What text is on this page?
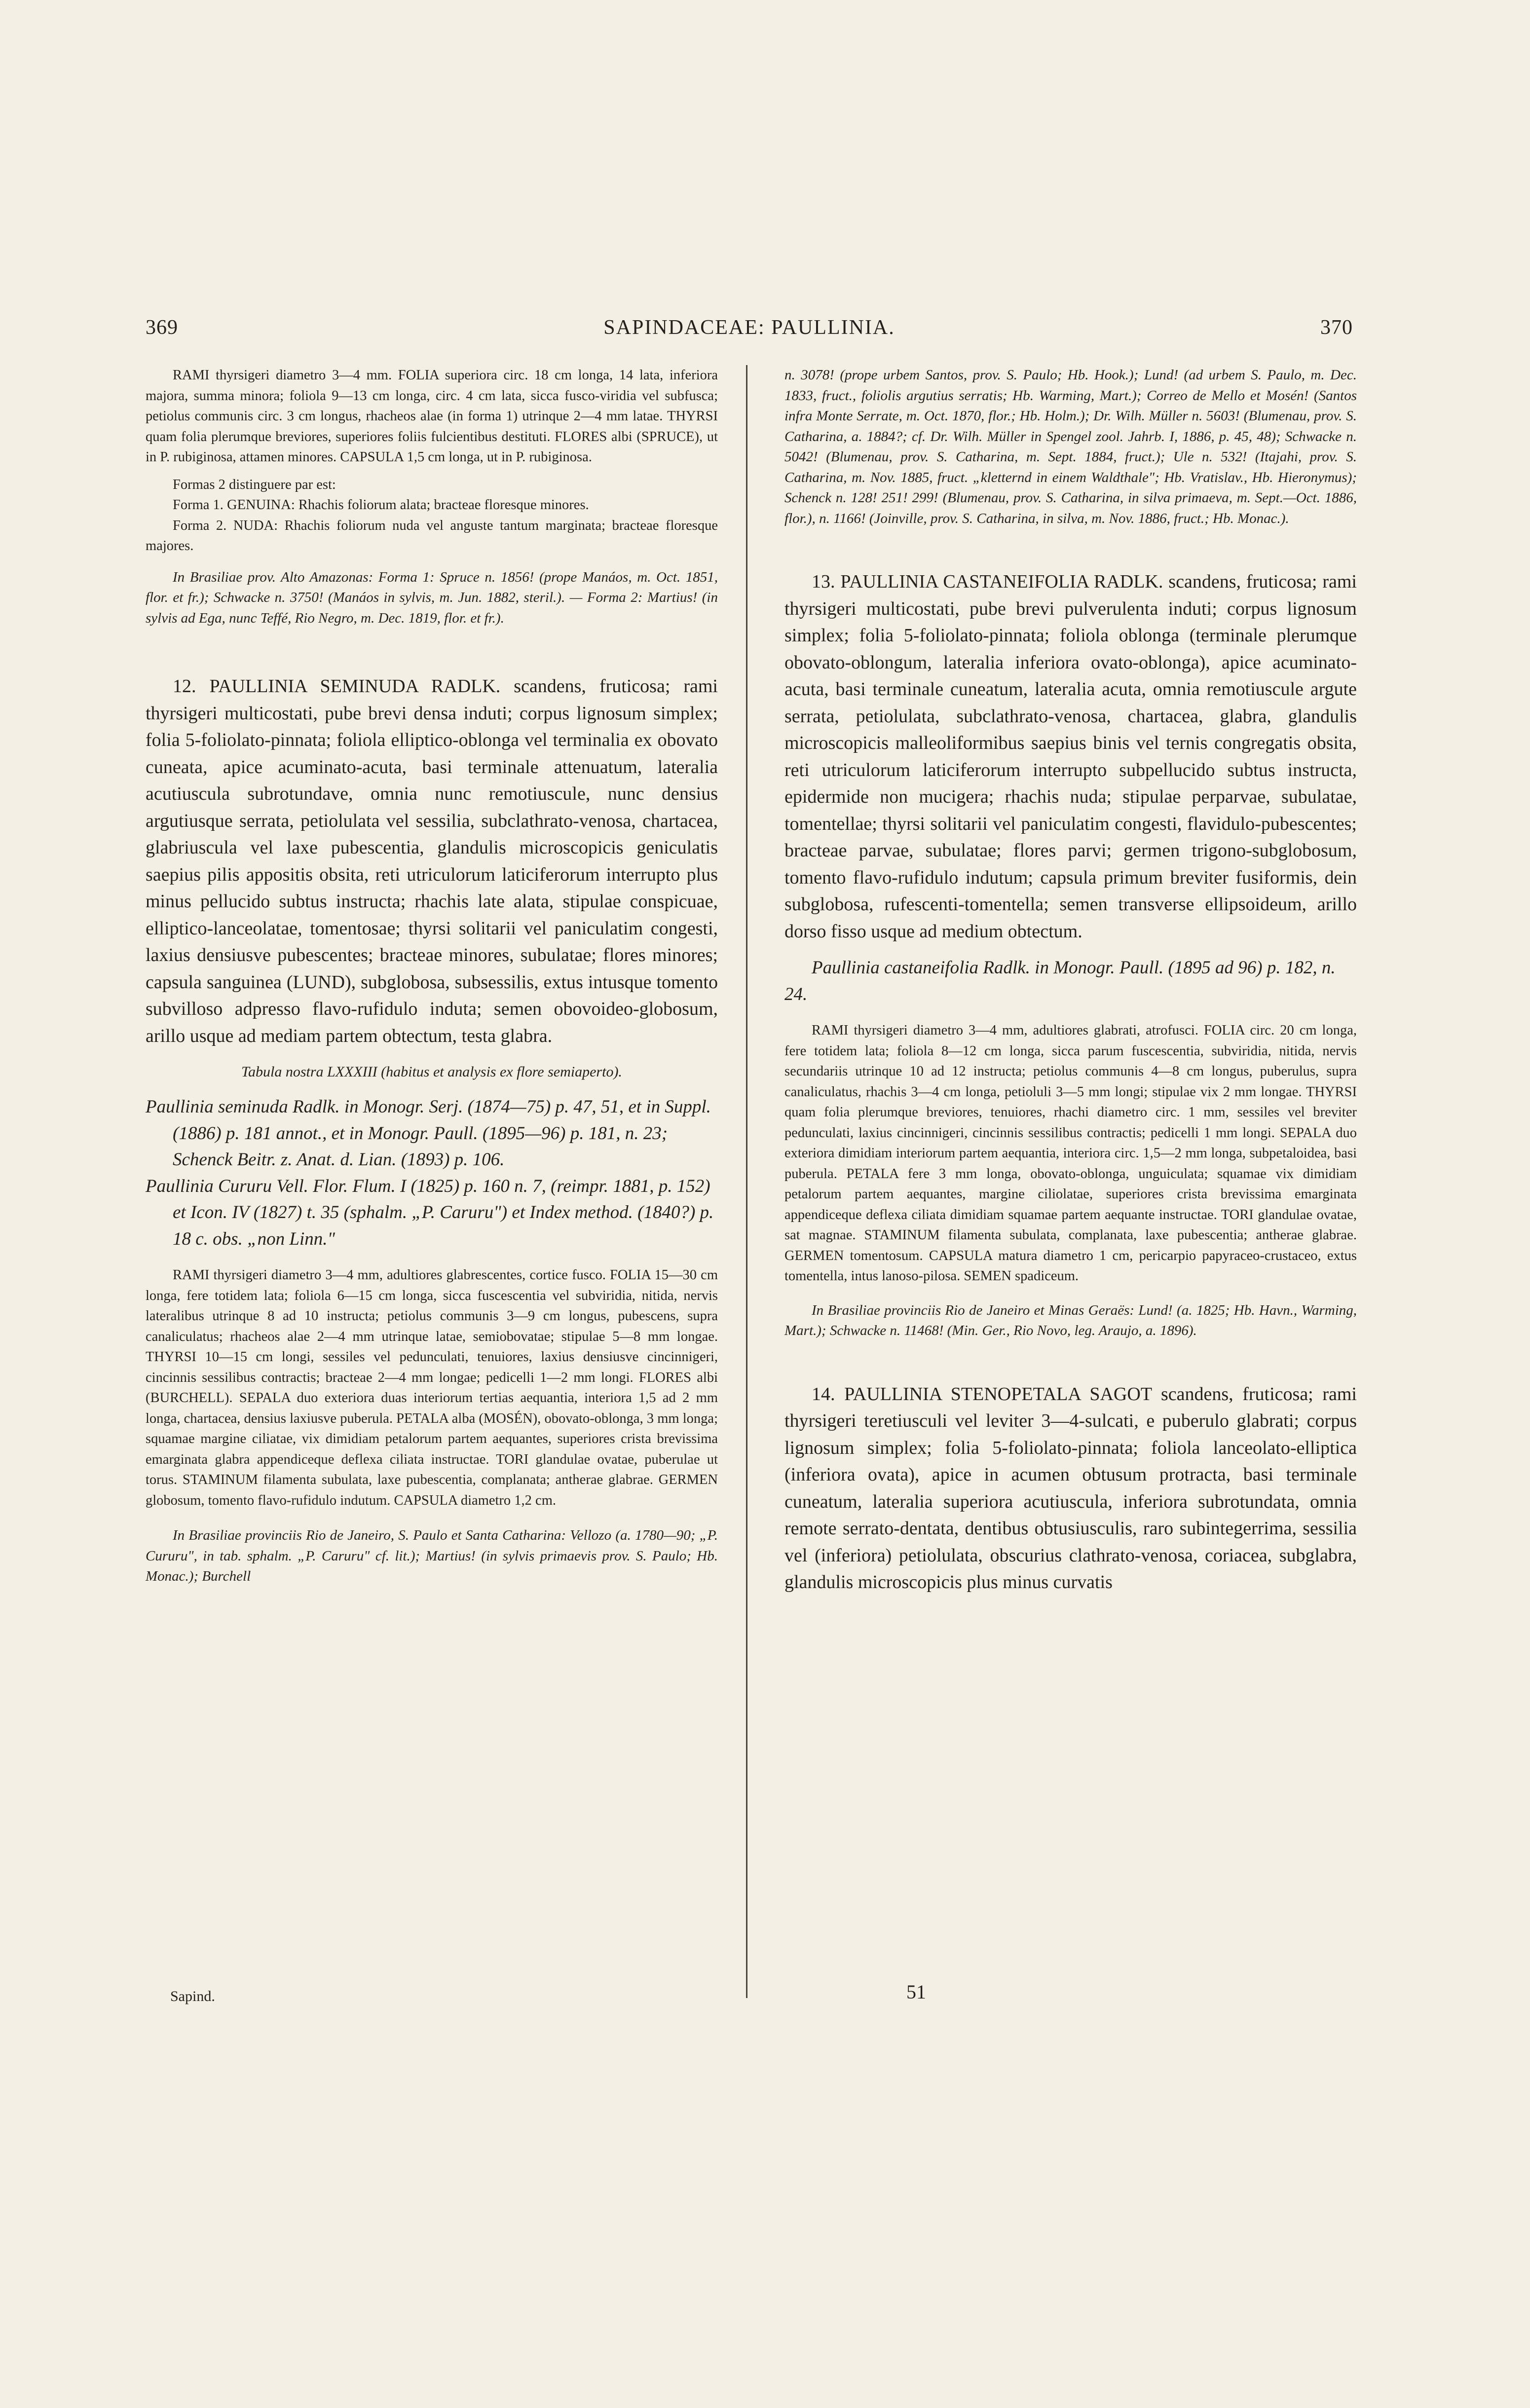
369	SAPINDACEAE: PAULLINIA.	370

RAMI thyrsigeri diametro 3—4 mm. FOLIA superiora circ. 18 cm longa, 14 lata, inferiora majora, summa minora; foliola 9—13 cm longa, circ. 4 cm lata, sicca fusco-viridia vel subfusca; petiolus communis circ. 3 cm longus, rhacheos alae (in forma 1) utrinque 2—4 mm latae. THYRSI quam folia plerumque breviores, superiores foliis fulcientibus destituti. FLORES albi (SPRUCE), ut in P. rubiginosa, attamen minores. CAPSULA 1,5 cm longa, ut in P. rubiginosa.

Formas 2 distinguere par est:

Forma 1. GENUINA: Rhachis foliorum alata; bracteae floresque minores.

Forma 2. NUDA: Rhachis foliorum nuda vel anguste tantum marginata; bracteae floresque majores.

In Brasiliae prov. Alto Amazonas: Forma 1: Spruce n. 1856! (prope Manáos, m. Oct. 1851, flor. et fr.); Schwacke n. 3750! (Manáos in sylvis, m. Jun. 1882, steril.). — Forma 2: Martius! (in sylvis ad Ega, nunc Teffé, Rio Negro, m. Dec. 1819, flor. et fr.).

12. PAULLINIA SEMINUDA RADLK. scandens, fruticosa; rami thyrsigeri multicostati, pube brevi densa induti; corpus lignosum simplex; folia 5-foliolato-pinnata; foliola elliptico-oblonga vel terminalia ex obovato cuneata, apice acuminato-acuta, basi terminale attenuatum, lateralia acutiuscula subrotundave, omnia nunc remotiuscule, nunc densius argutiusque serrata, petiolulata vel sessilia, subclathrato-venosa, chartacea, glabriuscula vel laxe pubescentia, glandulis microscopicis geniculatis saepius pilis appositis obsita, reti utriculorum laticiferorum interrupto plus minus pellucido subtus instructa; rhachis late alata, stipulae conspicuae, elliptico-lanceolatae, tomentosae; thyrsi solitarii vel paniculatim congesti, laxius densiusve pubescentes; bracteae minores, subulatae; flores minores; capsula sanguinea (LUND), subglobosa, subsessilis, extus intusque tomento subvilloso adpresso flavo-rufidulo induta; semen obovoideo-globosum, arillo usque ad mediam partem obtectum, testa glabra.

Tabula nostra LXXXIII (habitus et analysis ex flore semiaperto).

Paullinia seminuda Radlk. in Monogr. Serj. (1874—75) p. 47, 51, et in Suppl. (1886) p. 181 annot., et in Monogr. Paull. (1895—96) p. 181, n. 23; Schenck Beitr. z. Anat. d. Lian. (1893) p. 106.

Paullinia Cururu Vell. Flor. Flum. I (1825) p. 160 n. 7, (reimpr. 1881, p. 152) et Icon. IV (1827) t. 35 (sphalm. „P. Caruru") et Index method. (1840?) p. 18 c. obs. „non Linn."

RAMI thyrsigeri diametro 3—4 mm, adultiores glabrescentes, cortice fusco. FOLIA 15—30 cm longa, fere totidem lata; foliola 6—15 cm longa, sicca fuscescentia vel subviridia, nitida, nervis lateralibus utrinque 8 ad 10 instructa; petiolus communis 3—9 cm longus, pubescens, supra canaliculatus; rhacheos alae 2—4 mm utrinque latae, semiobovatae; stipulae 5—8 mm longae. THYRSI 10—15 cm longi, sessiles vel pedunculati, tenuiores, laxius densiusve cincinnigeri, cincinnis sessilibus contractis; bracteae 2—4 mm longae; pedicelli 1—2 mm longi. FLORES albi (BURCHELL). SEPALA duo exteriora duas interiorum tertias aequantia, interiora 1,5 ad 2 mm longa, chartacea, densius laxiusve puberula. PETALA alba (MOSÉN), obovato-oblonga, 3 mm longa; squamae margine ciliatae, vix dimidiam petalorum partem aequantes, superiores crista brevissima emarginata glabra appendiceque deflexa ciliata instructae. TORI glandulae ovatae, puberulae ut torus. STAMINUM filamenta subulata, laxe pubescentia, complanata; antherae glabrae. GERMEN globosum, tomento flavo-rufidulo indutum. CAPSULA diametro 1,2 cm.

In Brasiliae provinciis Rio de Janeiro, S. Paulo et Santa Catharina: Vellozo (a. 1780—90; „P. Cururu", in tab. sphalm. „P. Caruru" cf. lit.); Martius! (in sylvis primaevis prov. S. Paulo; Hb. Monac.); Burchell

n. 3078! (prope urbem Santos, prov. S. Paulo; Hb. Hook.); Lund! (ad urbem S. Paulo, m. Dec. 1833, fruct., foliolis argutius serratis; Hb. Warming, Mart.); Correo de Mello et Mosén! (Santos infra Monte Serrate, m. Oct. 1870, flor.; Hb. Holm.); Dr. Wilh. Müller n. 5603! (Blumenau, prov. S. Catharina, a. 1884?; cf. Dr. Wilh. Müller in Spengel zool. Jahrb. I, 1886, p. 45, 48); Schwacke n. 5042! (Blumenau, prov. S. Catharina, m. Sept. 1884, fruct.); Ule n. 532! (Itajahi, prov. S. Catharina, m. Nov. 1885, fruct. „kletternd in einem Waldthale"; Hb. Vratislav., Hb. Hieronymus); Schenck n. 128! 251! 299! (Blumenau, prov. S. Catharina, in silva primaeva, m. Sept.—Oct. 1886, flor.), n. 1166! (Joinville, prov. S. Catharina, in silva, m. Nov. 1886, fruct.; Hb. Monac.).

13. PAULLINIA CASTANEIFOLIA RADLK. scandens, fruticosa; rami thyrsigeri multicostati, pube brevi pulverulenta induti; corpus lignosum simplex; folia 5-foliolato-pinnata; foliola oblonga (terminale plerumque obovato-oblongum, lateralia inferiora ovato-oblonga), apice acuminato-acuta, basi terminale cuneatum, lateralia acuta, omnia remotiuscule argute serrata, petiolulata, subclathrato-venosa, chartacea, glabra, glandulis microscopicis malleoliformibus saepius binis vel ternis congregatis obsita, reti utriculorum laticiferorum interrupto subpellucido subtus instructa, epidermide non mucigera; rhachis nuda; stipulae perparvae, subulatae, tomentellae; thyrsi solitarii vel paniculatim congesti, flavidulo-pubescentes; bracteae parvae, subulatae; flores parvi; germen trigono-subglobosum, tomento flavo-rufidulo indutum; capsula primum breviter fusiformis, dein subglobosa, rufescenti-tomentella; semen transverse ellipsoideum, arillo dorso fisso usque ad medium obtectum.

Paullinia castaneifolia Radlk. in Monogr. Paull. (1895 ad 96) p. 182, n. 24.

RAMI thyrsigeri diametro 3—4 mm, adultiores glabrati, atrofusci. FOLIA circ. 20 cm longa, fere totidem lata; foliola 8—12 cm longa, sicca parum fuscescentia, subviridia, nitida, nervis secundariis utrinque 10 ad 12 instructa; petiolus communis 4—8 cm longus, puberulus, supra canaliculatus, rhachis 3—4 cm longa, petioluli 3—5 mm longi; stipulae vix 2 mm longae. THYRSI quam folia plerumque breviores, tenuiores, rhachi diametro circ. 1 mm, sessiles vel breviter pedunculati, laxius cincinnigeri, cincinnis sessilibus contractis; pedicelli 1 mm longi. SEPALA duo exteriora dimidiam interiorum partem aequantia, interiora circ. 1,5—2 mm longa, subpetaloidea, basi puberula. PETALA fere 3 mm longa, obovato-oblonga, unguiculata; squamae vix dimidiam petalorum partem aequantes, margine ciliolatae, superiores crista brevissima emarginata appendiceque deflexa ciliata dimidiam squamae partem aequante instructae. TORI glandulae ovatae, sat magnae. STAMINUM filamenta subulata, complanata, laxe pubescentia; antherae glabrae. GERMEN tomentosum. CAPSULA matura diametro 1 cm, pericarpio papyraceo-crustaceo, extus tomentella, intus lanoso-pilosa. SEMEN spadiceum.

In Brasiliae provinciis Rio de Janeiro et Minas Geraës: Lund! (a. 1825; Hb. Havn., Warming, Mart.); Schwacke n. 11468! (Min. Ger., Rio Novo, leg. Araujo, a. 1896).

14. PAULLINIA STENOPETALA SAGOT scandens, fruticosa; rami thyrsigeri teretiusculi vel leviter 3—4-sulcati, e puberulo glabrati; corpus lignosum simplex; folia 5-foliolato-pinnata; foliola lanceolato-elliptica (inferiora ovata), apice in acumen obtusum protracta, basi terminale cuneatum, lateralia superiora acutiuscula, inferiora subrotundata, omnia remote serrato-dentata, dentibus obtusiusculis, raro subintegerrima, sessilia vel (inferiora) petiolulata, obscurius clathrato-venosa, coriacea, subglabra, glandulis microscopicis plus minus curvatis

Sapind.	51
